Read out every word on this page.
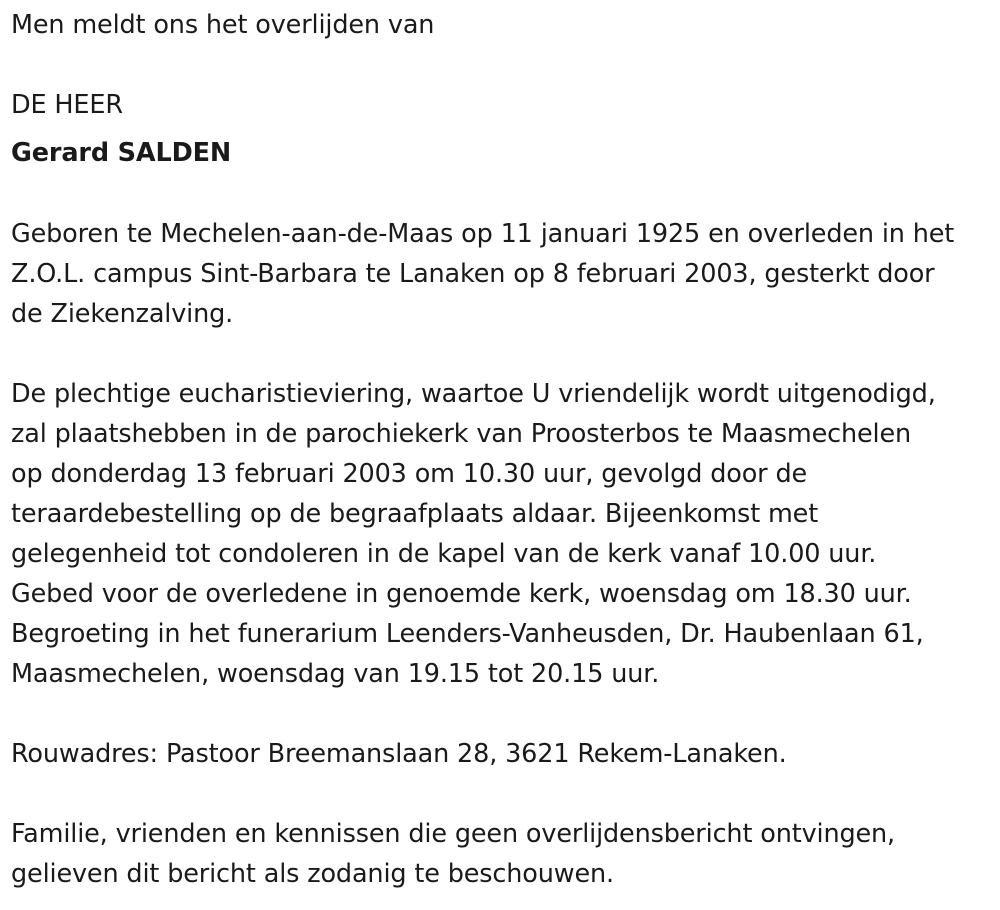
Men meldt ons het overlijden van
DE HEER
Gerard SALDEN
Geboren te Mechelen-aan-de-Maas op 11 januari 1925 en overleden in het
Z.O.L. campus Sint-Barbara te Lanaken op 8 februari 2003, gesterkt door
de Ziekenzalving.
De plechtige eucharistieviering, waartoe U vriendelijk wordt uitgenodigd,
zal plaatshebben in de parochiekerk van Proosterbos te Maasmechelen
op donderdag 13 februari 2003 om 10.30 uur, gevolgd door de
teraardebestelling op de begraafplaats aldaar. Bijeenkomst met
gelegenheid tot condoleren in de kapel van de kerk vanaf 10.00 uur.
Gebed voor de overledene in genoemde kerk, woensdag om 18.30 uur.
Begroeting in het funerarium Leenders-Vanheusden, Dr. Haubenlaan 61,
Maasmechelen, woensdag van 19.15 tot 20.15 uur.
Rouwadres: Pastoor Breemanslaan 28, 3621 Rekem-Lanaken.
Familie, vrienden en kennissen die geen overlijdensbericht ontvingen,
gelieven dit bericht als zodanig te beschouwen.
